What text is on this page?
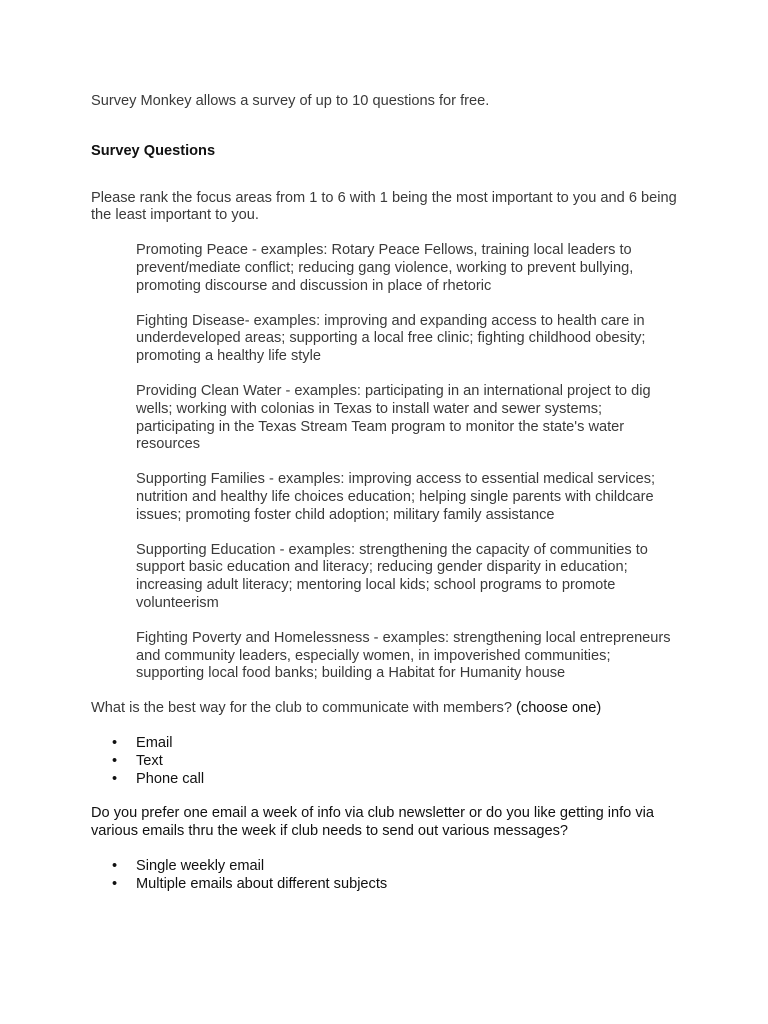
Survey Monkey allows a survey of up to 10 questions for free.

Survey Questions

Please rank the focus areas from 1 to 6 with 1 being the most important to you and 6 being the least important to you.

Promoting Peace - examples: Rotary Peace Fellows, training local leaders to prevent/mediate conflict; reducing gang violence, working to prevent bullying, promoting discourse and discussion in place of rhetoric
Fighting Disease- examples: improving and expanding access to health care in underdeveloped areas; supporting a local free clinic; fighting childhood obesity; promoting a healthy life style
Providing Clean Water - examples: participating in an international project to dig wells; working with colonias in Texas to install water and sewer systems; participating in the Texas Stream Team program to monitor the state's water resources
Supporting Families - examples: improving access to essential medical services; nutrition and healthy life choices education; helping single parents with childcare issues; promoting foster child adoption; military family assistance
Supporting Education - examples: strengthening the capacity of communities to support basic education and literacy; reducing gender disparity in education; increasing adult literacy; mentoring local kids; school programs to promote volunteerism
Fighting Poverty and Homelessness - examples: strengthening local entrepreneurs and community leaders, especially women, in impoverished communities; supporting local food banks; building a Habitat for Humanity house

What is the best way for the club to communicate with members? (choose one)

• Email
• Text
• Phone call

Do you prefer one email a week of info via club newsletter or do you like getting info via various emails thru the week if club needs to send out various messages?

• Single weekly email
• Multiple emails about different subjects
